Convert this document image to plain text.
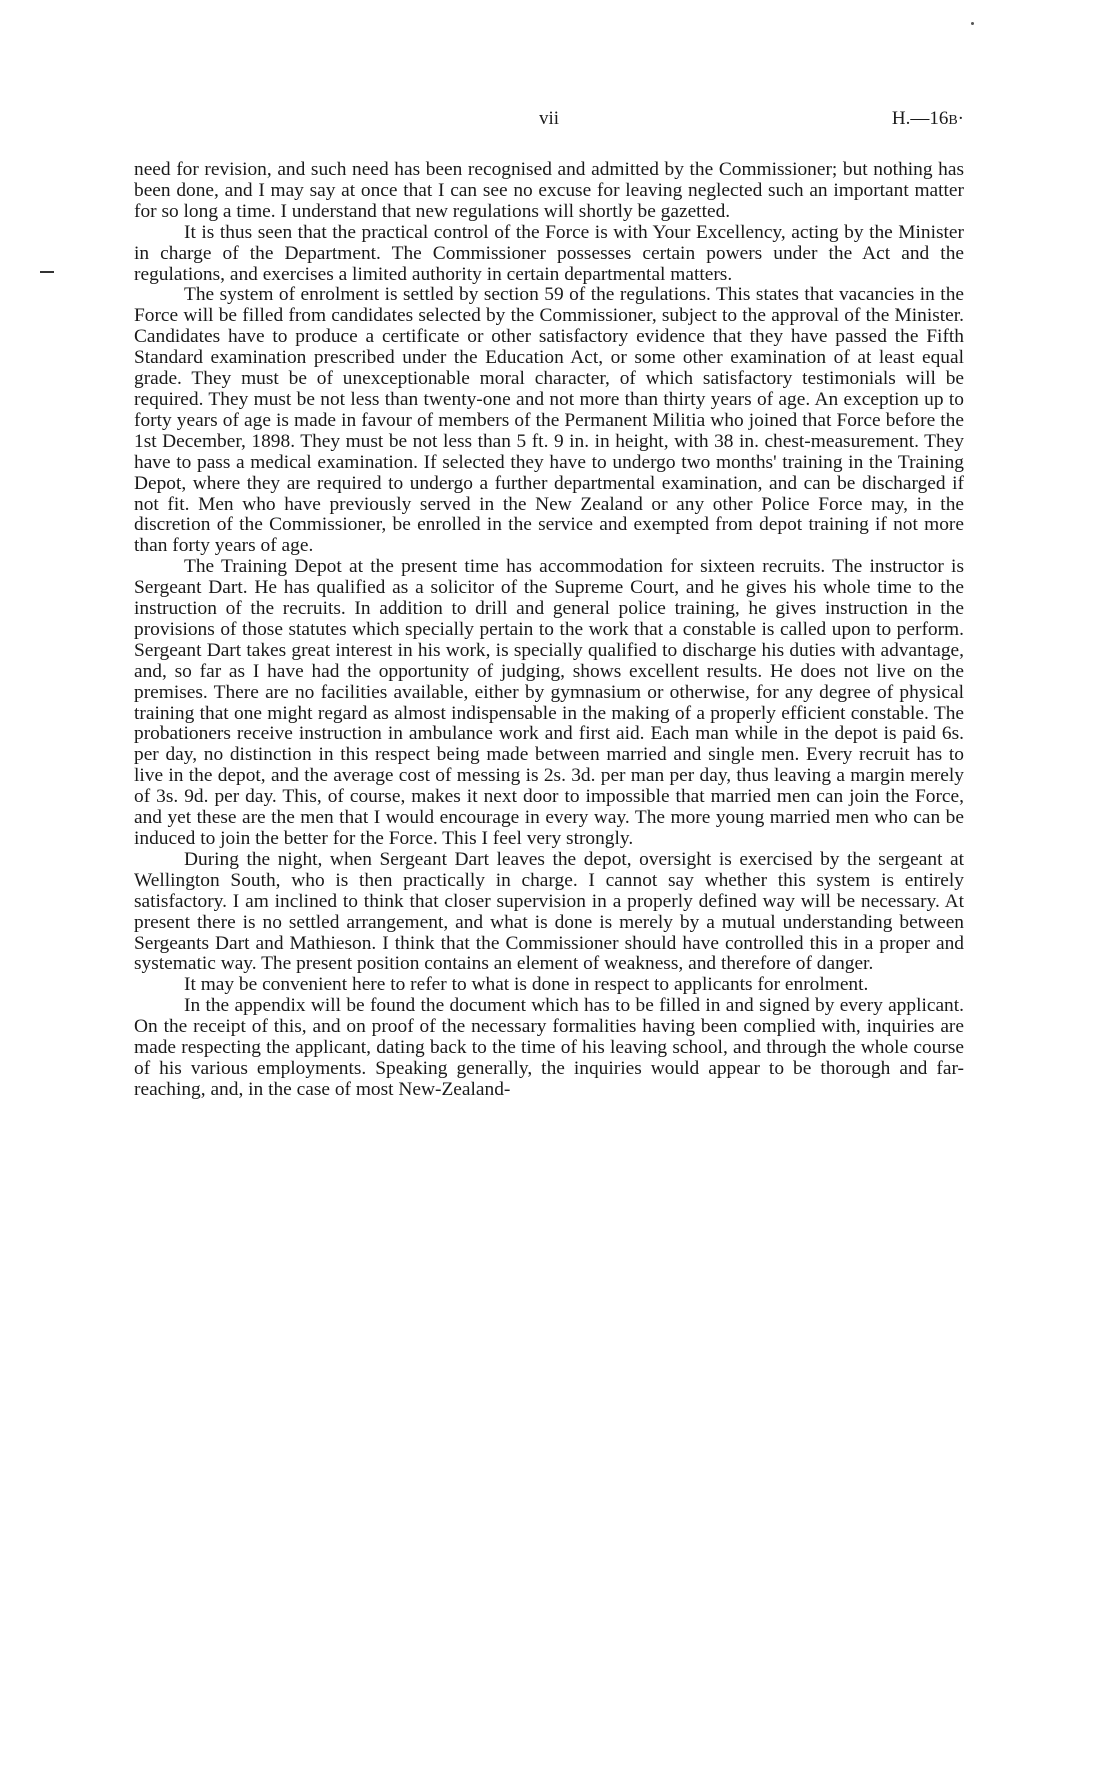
vii	H.—16B·

need for revision, and such need has been recognised and admitted by the Commissioner; but nothing has been done, and I may say at once that I can see no excuse for leaving neglected such an important matter for so long a time. I understand that new regulations will shortly be gazetted.

It is thus seen that the practical control of the Force is with Your Excellency, acting by the Minister in charge of the Department. The Commissioner possesses certain powers under the Act and the regulations, and exercises a limited authority in certain departmental matters.

The system of enrolment is settled by section 59 of the regulations. This states that vacancies in the Force will be filled from candidates selected by the Commissioner, subject to the approval of the Minister. Candidates have to produce a certificate or other satisfactory evidence that they have passed the Fifth Standard examination prescribed under the Education Act, or some other examination of at least equal grade. They must be of unexceptionable moral character, of which satisfactory testimonials will be required. They must be not less than twenty-one and not more than thirty years of age. An exception up to forty years of age is made in favour of members of the Permanent Militia who joined that Force before the 1st December, 1898. They must be not less than 5 ft. 9 in. in height, with 38 in. chest-measurement. They have to pass a medical examination. If selected they have to undergo two months' training in the Training Depot, where they are required to undergo a further departmental examination, and can be discharged if not fit. Men who have previously served in the New Zealand or any other Police Force may, in the discretion of the Commissioner, be enrolled in the service and exempted from depot training if not more than forty years of age.

The Training Depot at the present time has accommodation for sixteen recruits. The instructor is Sergeant Dart. He has qualified as a solicitor of the Supreme Court, and he gives his whole time to the instruction of the recruits. In addition to drill and general police training, he gives instruction in the provisions of those statutes which specially pertain to the work that a constable is called upon to perform. Sergeant Dart takes great interest in his work, is specially qualified to discharge his duties with advantage, and, so far as I have had the opportunity of judging, shows excellent results. He does not live on the premises. There are no facilities available, either by gymnasium or otherwise, for any degree of physical training that one might regard as almost indispensable in the making of a properly efficient constable. The probationers receive instruction in ambulance work and first aid. Each man while in the depot is paid 6s. per day, no distinction in this respect being made between married and single men. Every recruit has to live in the depot, and the average cost of messing is 2s. 3d. per man per day, thus leaving a margin merely of 3s. 9d. per day. This, of course, makes it next door to impossible that married men can join the Force, and yet these are the men that I would encourage in every way. The more young married men who can be induced to join the better for the Force. This I feel very strongly.

During the night, when Sergeant Dart leaves the depot, oversight is exercised by the sergeant at Wellington South, who is then practically in charge. I cannot say whether this system is entirely satisfactory. I am inclined to think that closer supervision in a properly defined way will be necessary. At present there is no settled arrangement, and what is done is merely by a mutual understanding between Sergeants Dart and Mathieson. I think that the Commissioner should have controlled this in a proper and systematic way. The present position contains an element of weakness, and therefore of danger.

It may be convenient here to refer to what is done in respect to applicants for enrolment.

In the appendix will be found the document which has to be filled in and signed by every applicant. On the receipt of this, and on proof of the necessary formalities having been complied with, inquiries are made respecting the applicant, dating back to the time of his leaving school, and through the whole course of his various employments. Speaking generally, the inquiries would appear to be thorough and far-reaching, and, in the case of most New-Zealand-
